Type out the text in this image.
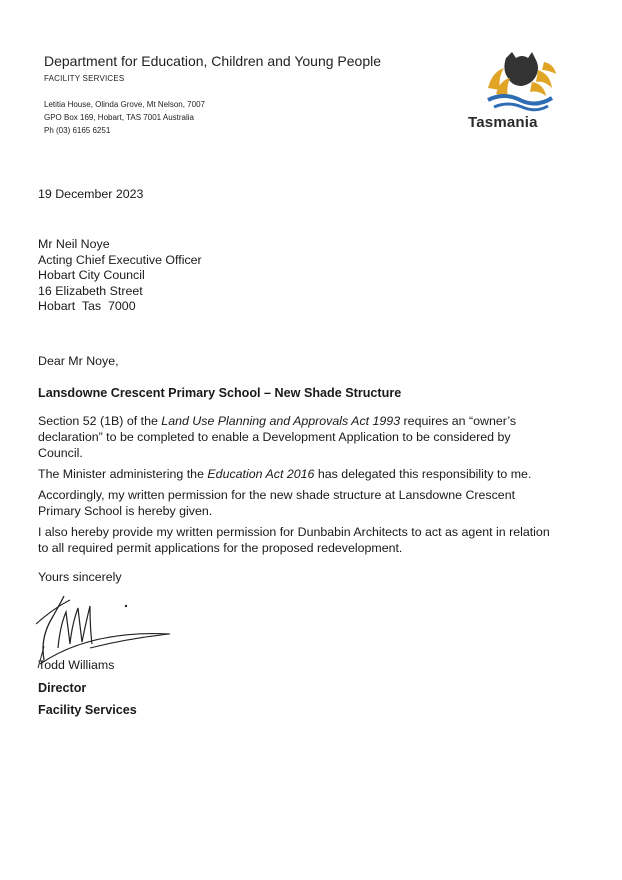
Department for Education, Children and Young People
FACILITY SERVICES
Letitia House, Olinda Grove, Mt Nelson, 7007
GPO Box 169, Hobart, TAS 7001 Australia
Ph (03) 6165 6251	Tasmania
19 December 2023
Mr Neil Noye
Acting Chief Executive Officer
Hobart City Council
16 Elizabeth Street
Hobart  Tas  7000
Dear Mr Noye,
Lansdowne Crescent Primary School – New Shade Structure

Section 52 (1B) of the Land Use Planning and Approvals Act 1993 requires an “owner’s declaration” to be completed to enable a Development Application to be considered by Council.

The Minister administering the Education Act 2016 has delegated this responsibility to me.

Accordingly, my written permission for the new shade structure at Lansdowne Crescent Primary School is hereby given.

I also hereby provide my written permission for Dunbabin Architects to act as agent in relation to all required permit applications for the proposed redevelopment.

Yours sincerely
Todd Williams
Director
Facility Services
